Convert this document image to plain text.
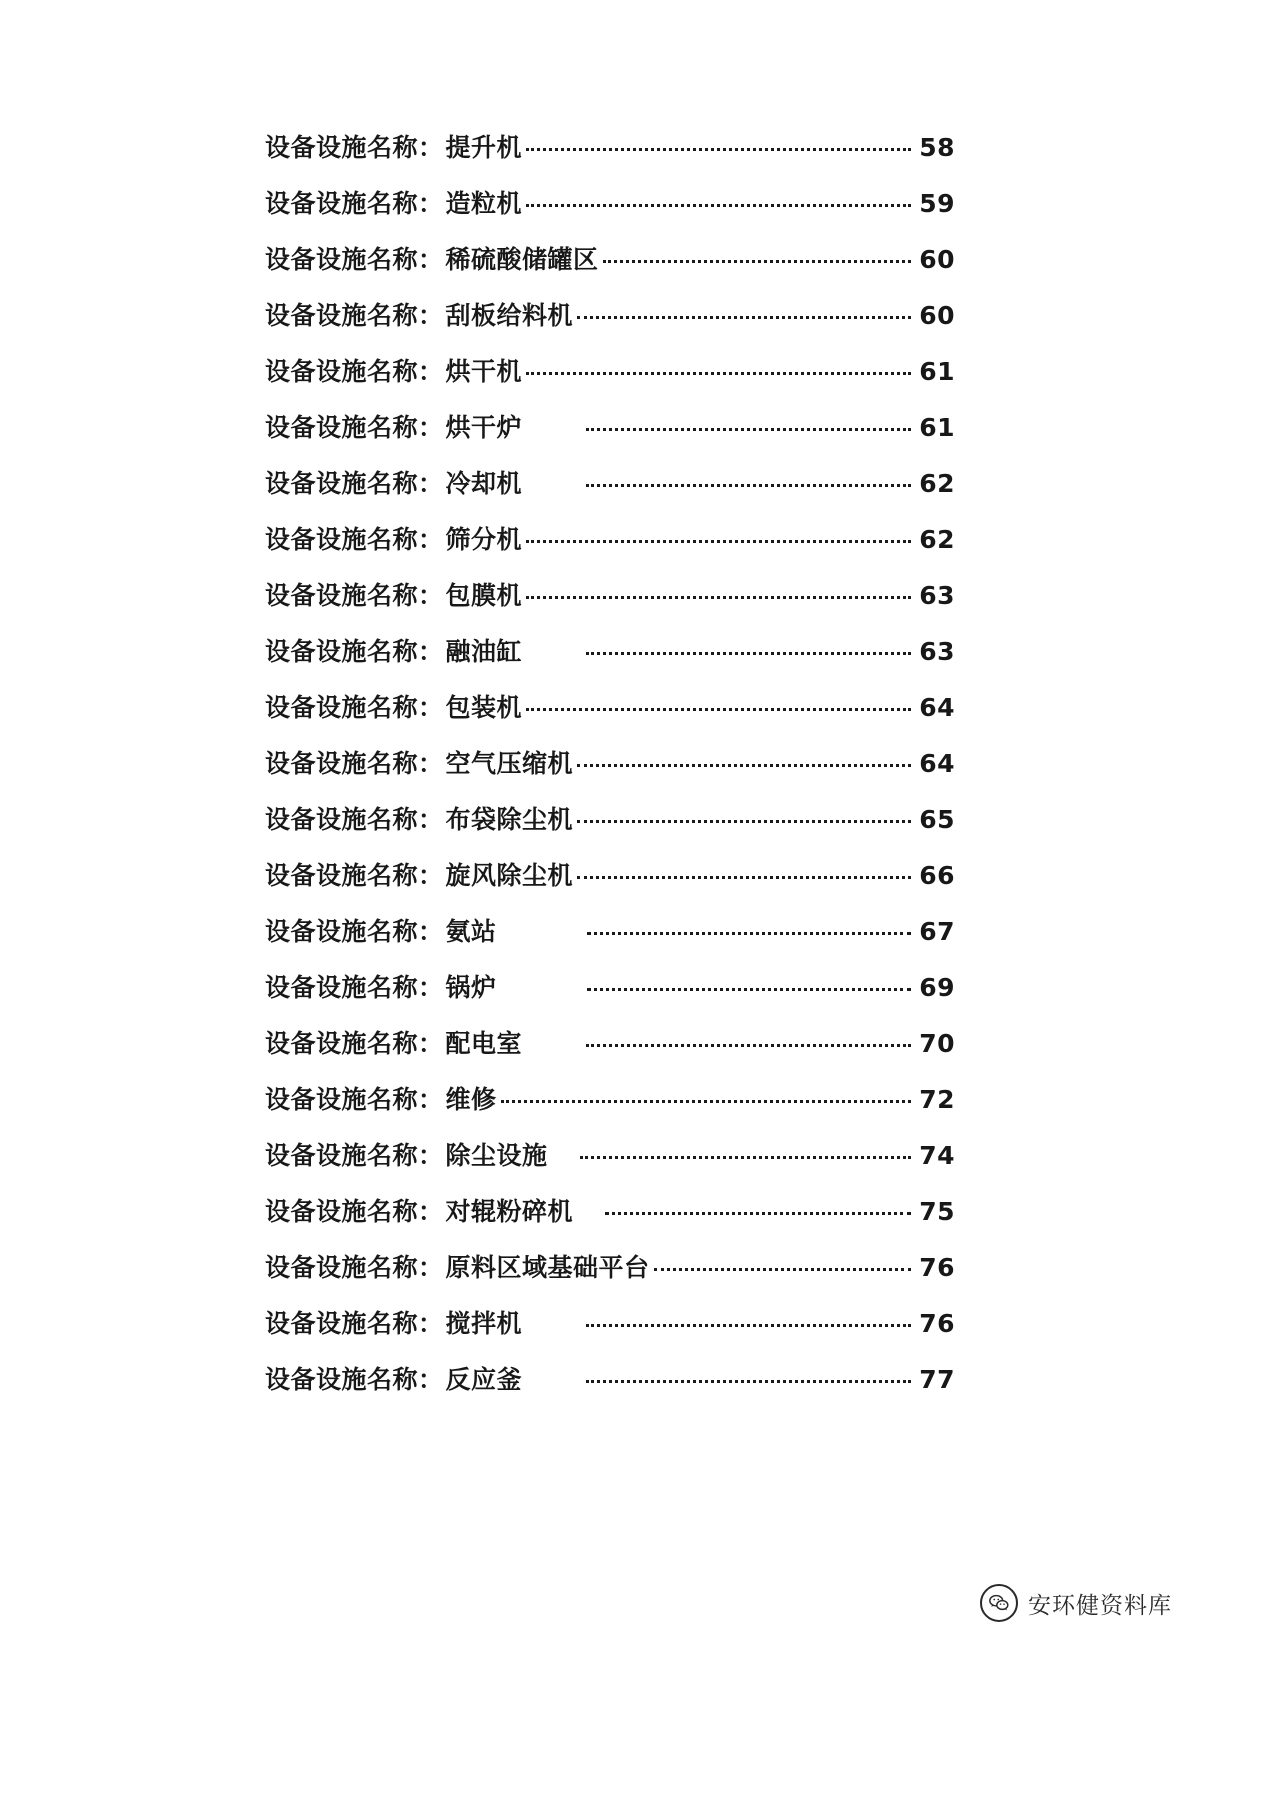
设备设施名称： 提升机	58
设备设施名称： 造粒机	59
设备设施名称： 稀硫酸储罐区	60
设备设施名称： 刮板给料机	60
设备设施名称： 烘干机	61
设备设施名称： 烘干炉	61
设备设施名称： 冷却机	62
设备设施名称： 筛分机	62
设备设施名称： 包膜机	63
设备设施名称： 融油缸	63
设备设施名称： 包装机	64
设备设施名称： 空气压缩机	64
设备设施名称： 布袋除尘机	65
设备设施名称： 旋风除尘机	66
设备设施名称： 氨站	67
设备设施名称： 锅炉	69
设备设施名称： 配电室	70
设备设施名称： 维修	72
设备设施名称： 除尘设施	74
设备设施名称： 对辊粉碎机	75
设备设施名称： 原料区域基础平台	76
设备设施名称： 搅拌机	76
设备设施名称： 反应釜	77
安环健资料库
